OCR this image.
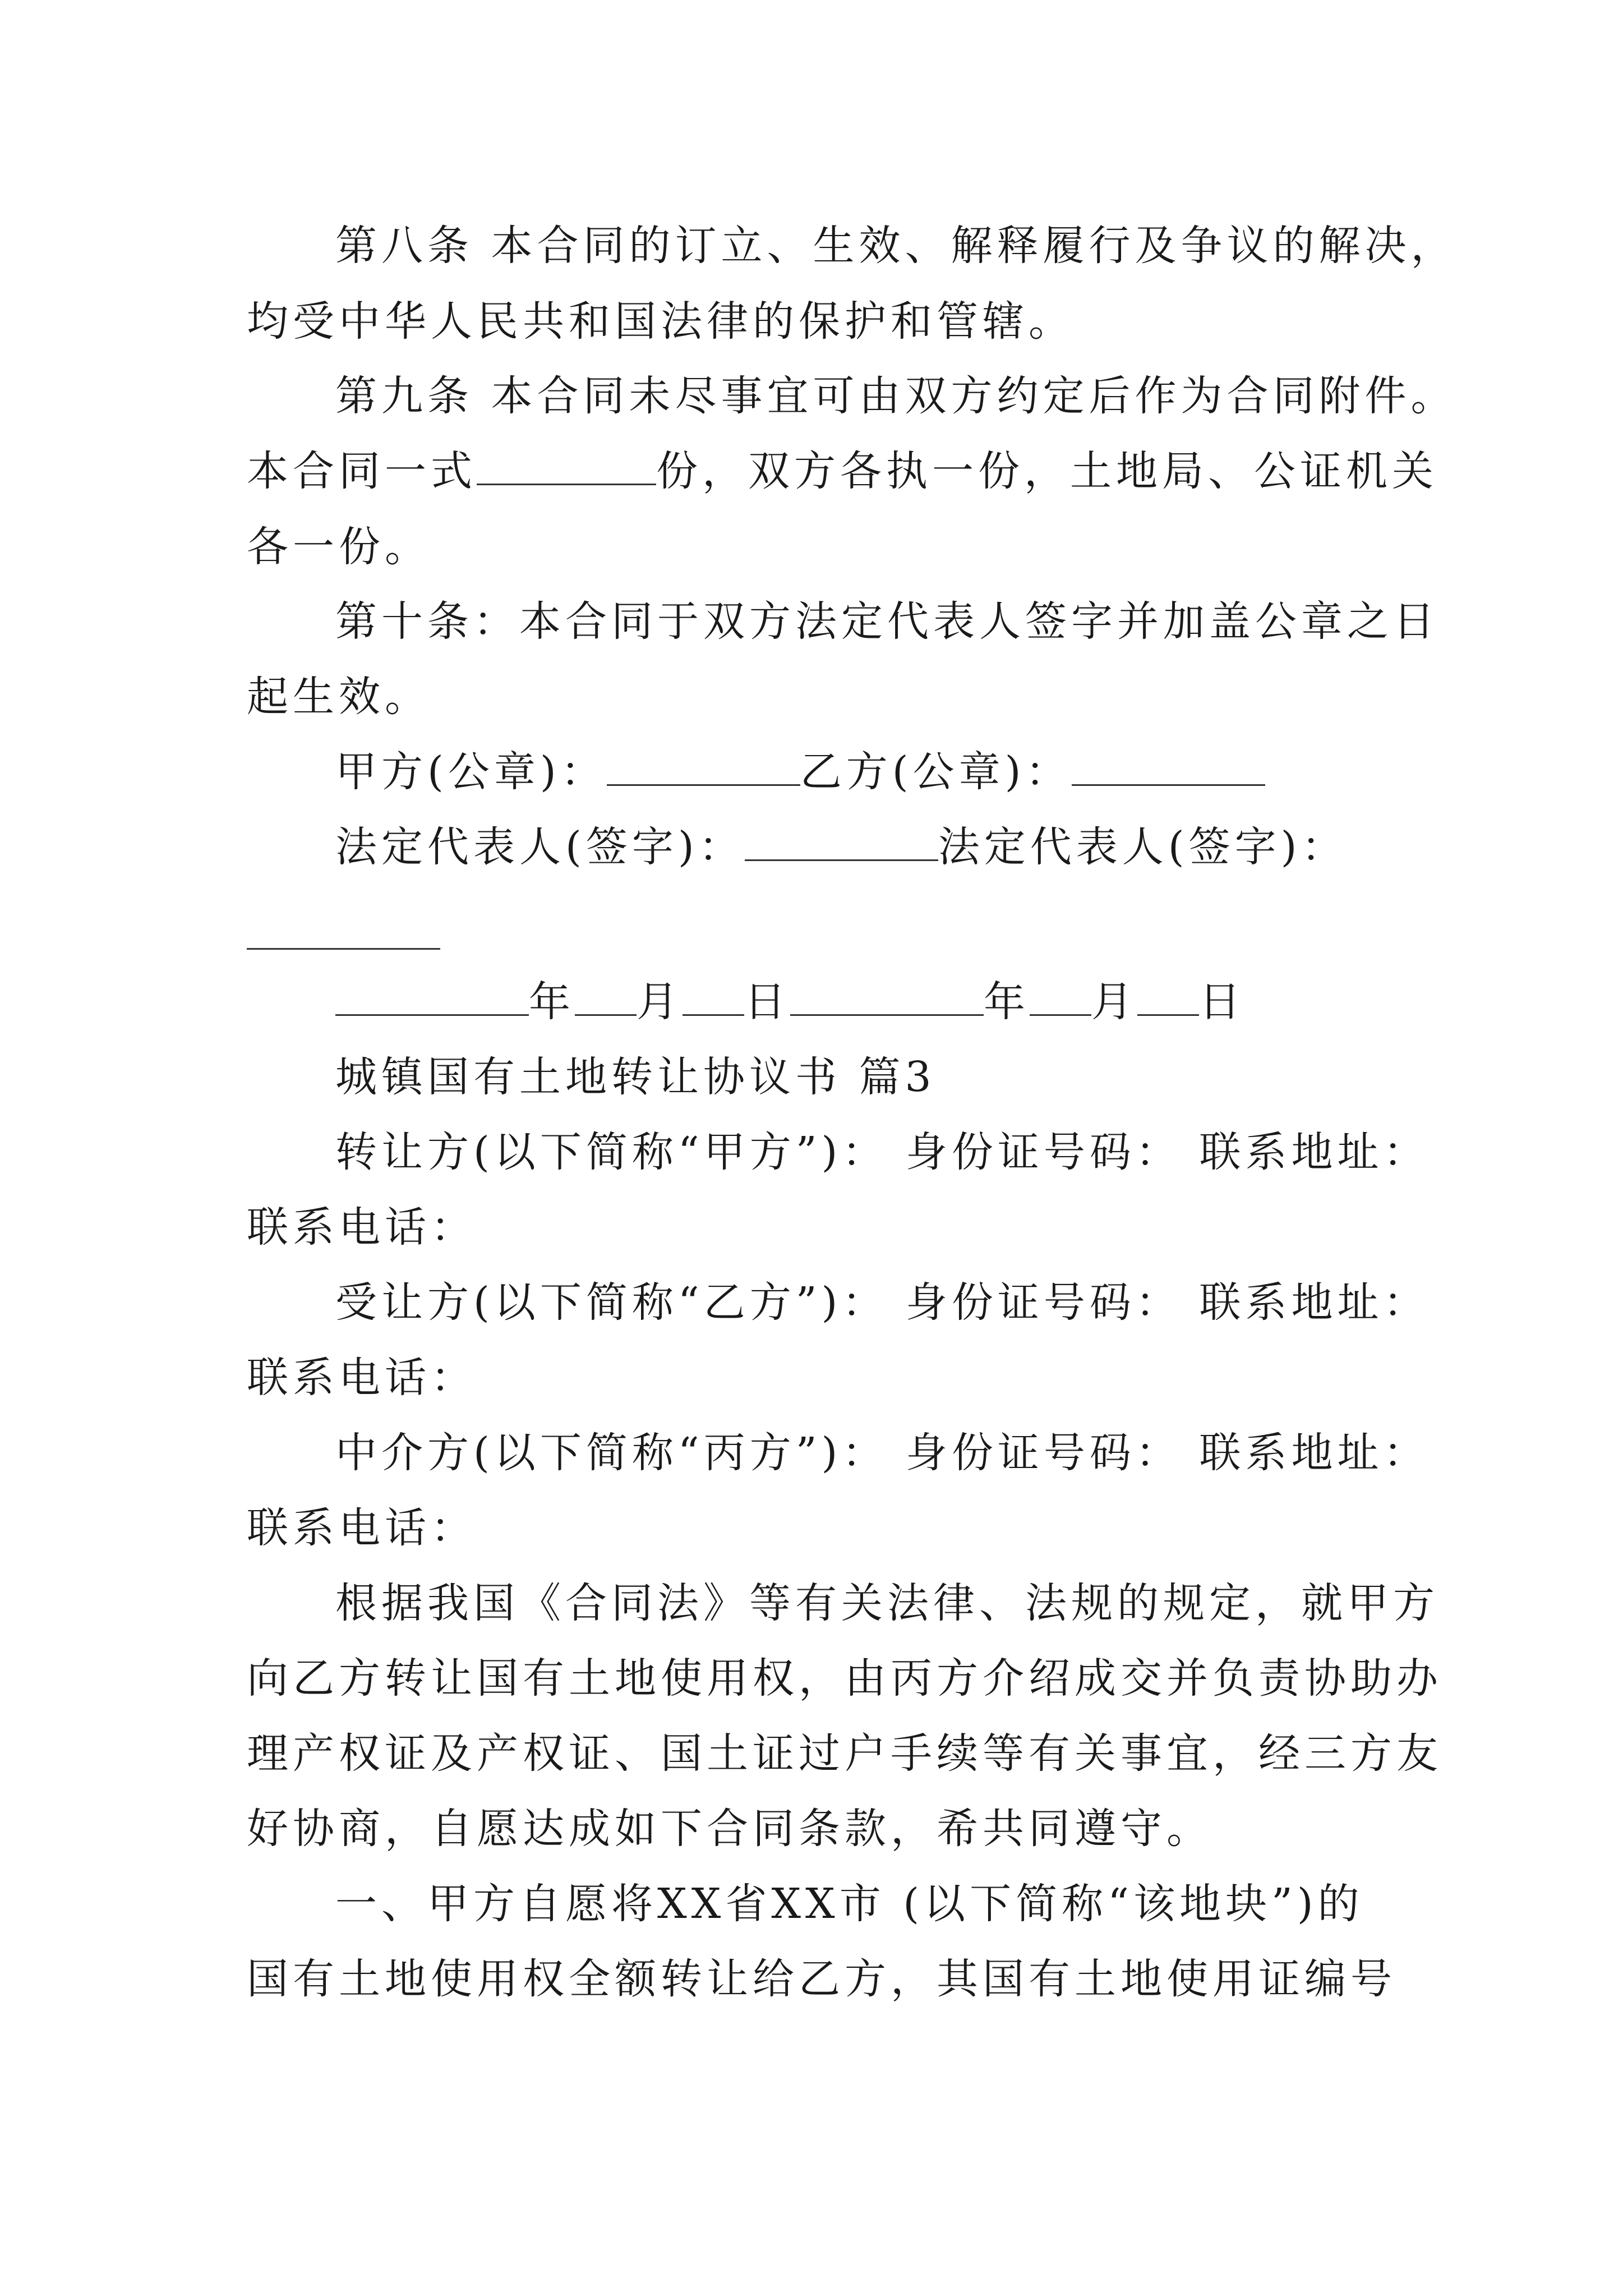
第八条 本合同的订立、生效、解释履行及争议的解决，
均受中华人民共和国法律的保护和管辖。
第九条 本合同未尽事宜可由双方约定后作为合同附件。
本合同一式	份，双方各执一份，土地局、公证机关
各一份。
第十条：本合同于双方法定代表人签字并加盖公章之日
起生效。
甲方(公章)：	乙方(公章)：
法定代表人(签字)：	法定代表人(签字)：
年 月 日	年 月 日
城镇国有土地转让协议书 篇3
转让方(以下简称“甲方”)： 身份证号码： 联系地址：
联系电话：
受让方(以下简称“乙方”)： 身份证号码： 联系地址：
联系电话：
中介方(以下简称“丙方”)： 身份证号码： 联系地址：
联系电话：
根据我国《合同法》等有关法律、法规的规定，就甲方
向乙方转让国有土地使用权，由丙方介绍成交并负责协助办
理产权证及产权证、国土证过户手续等有关事宜，经三方友
好协商，自愿达成如下合同条款，希共同遵守。
一、甲方自愿将XX省XX市 (以下简称“该地块”)的
国有土地使用权全额转让给乙方，其国有土地使用证编号
